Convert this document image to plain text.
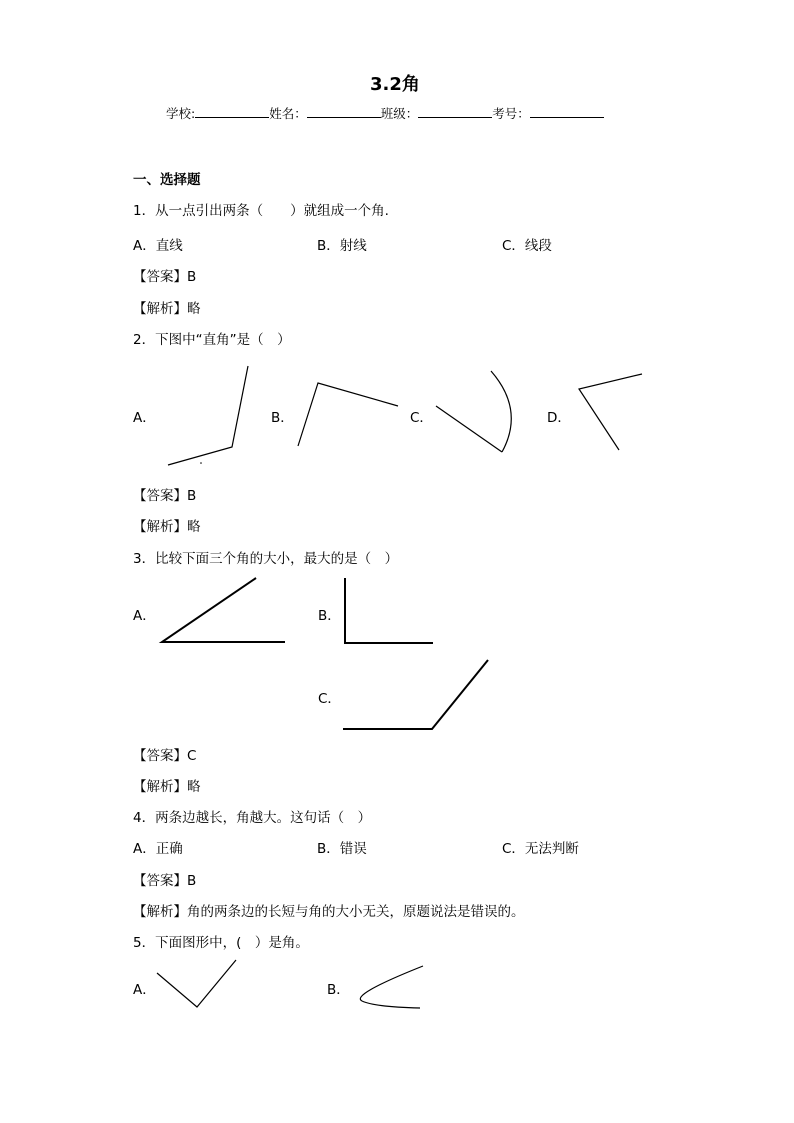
3.2角
学校:	姓名：	班级：	考号：
一、选择题
1．从一点引出两条（　　）就组成一个角.
A．直线	B．射线	C．线段
【答案】B
【解析】略
2．下图中“直角”是（　）
A．	B．	C．	D．
【答案】B
【解析】略
3．比较下面三个角的大小，最大的是（　）
A．	B．
C．
【答案】C
【解析】略
4．两条边越长，角越大。这句话（　）
A．正确	B．错误	C．无法判断
【答案】B
【解析】角的两条边的长短与角的大小无关，原题说法是错误的。
5．下面图形中，(　）是角。
A．	B．
